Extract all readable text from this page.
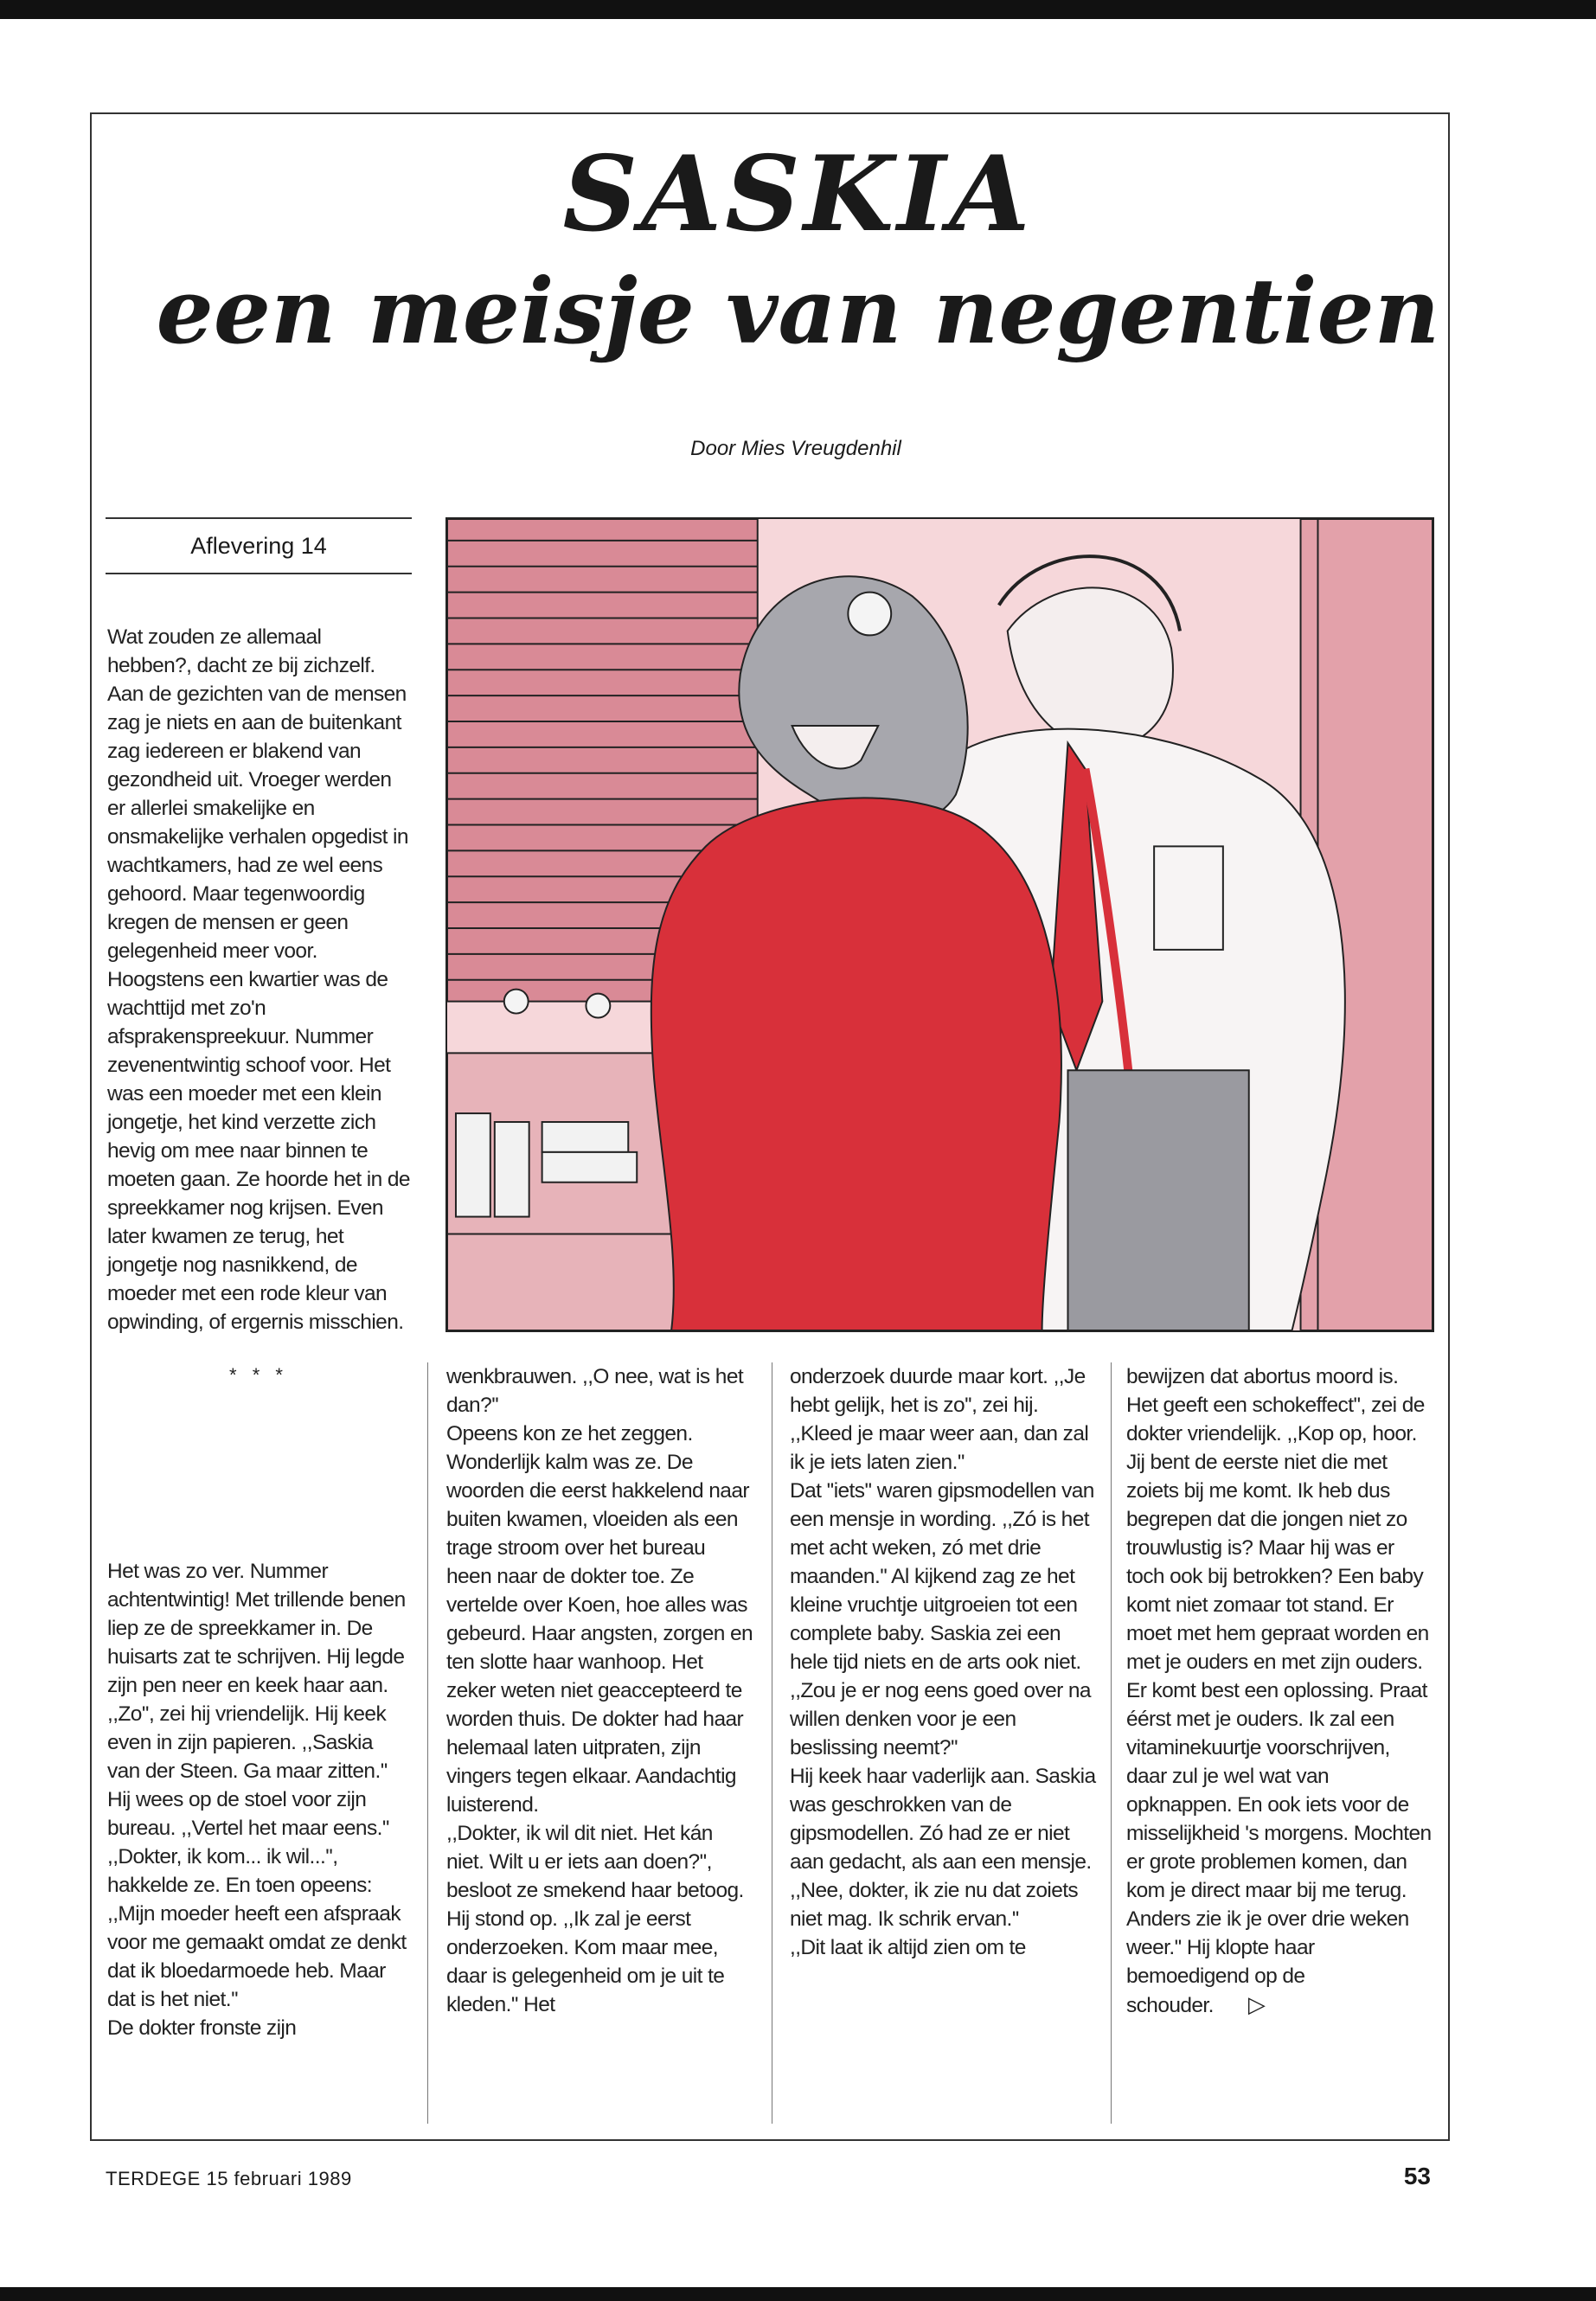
SASKIA
een meisje van negentien
Door Mies Vreugdenhil
Aflevering 14

Wat zouden ze allemaal hebben?, dacht ze bij zichzelf. Aan de gezichten van de mensen zag je niets en aan de buitenkant zag iedereen er blakend van gezondheid uit. Vroeger werden er allerlei smakelijke en onsmakelijke verhalen opgedist in wachtkamers, had ze wel eens gehoord. Maar tegenwoordig kregen de mensen er geen gelegenheid meer voor. Hoogstens een kwartier was de wachttijd met zo'n afsprakenspreekuur. Nummer zevenentwintig schoof voor. Het was een moeder met een klein jongetje, het kind verzette zich hevig om mee naar binnen te moeten gaan. Ze hoorde het in de spreekkamer nog krijsen. Even later kwamen ze terug, het jongetje nog nasnikkend, de moeder met een rode kleur van opwinding, of ergernis misschien.

* * *

Het was zo ver. Nummer achtentwintig! Met trillende benen liep ze de spreekkamer in. De huisarts zat te schrijven. Hij legde zijn pen neer en keek haar aan.

,,Zo'', zei hij vriendelijk. Hij keek even in zijn papieren. ,,Saskia van der Steen. Ga maar zitten.'' Hij wees op de stoel voor zijn bureau. ,,Vertel het maar eens.''

,,Dokter, ik kom... ik wil...'', hakkelde ze. En toen opeens: ,,Mijn moeder heeft een afspraak voor me gemaakt omdat ze denkt dat ik bloedarmoede heb. Maar dat is het niet.''

De dokter fronste zijn

wenkbrauwen. ,,O nee, wat is het dan?''

Opeens kon ze het zeggen. Wonderlijk kalm was ze. De woorden die eerst hakkelend naar buiten kwamen, vloeiden als een trage stroom over het bureau heen naar de dokter toe. Ze vertelde over Koen, hoe alles was gebeurd. Haar angsten, zorgen en ten slotte haar wanhoop. Het zeker weten niet geaccepteerd te worden thuis. De dokter had haar helemaal laten uitpraten, zijn vingers tegen elkaar. Aandachtig luisterend.

,,Dokter, ik wil dit niet. Het kán niet. Wilt u er iets aan doen?'', besloot ze smekend haar betoog.

Hij stond op. ,,Ik zal je eerst onderzoeken. Kom maar mee, daar is gelegenheid om je uit te kleden.'' Het

onderzoek duurde maar kort. ,,Je hebt gelijk, het is zo'', zei hij. ,,Kleed je maar weer aan, dan zal ik je iets laten zien.''

Dat ''iets'' waren gipsmodellen van een mensje in wording. ,,Zó is het met acht weken, zó met drie maanden.'' Al kijkend zag ze het kleine vruchtje uitgroeien tot een complete baby. Saskia zei een hele tijd niets en de arts ook niet.

,,Zou je er nog eens goed over na willen denken voor je een beslissing neemt?''

Hij keek haar vaderlijk aan. Saskia was geschrokken van de gipsmodellen. Zó had ze er niet aan gedacht, als aan een mensje.

,,Nee, dokter, ik zie nu dat zoiets niet mag. Ik schrik ervan.''

,,Dit laat ik altijd zien om te

bewijzen dat abortus moord is. Het geeft een schokeffect'', zei de dokter vriendelijk. ,,Kop op, hoor. Jij bent de eerste niet die met zoiets bij me komt. Ik heb dus begrepen dat die jongen niet zo trouwlustig is? Maar hij was er toch ook bij betrokken? Een baby komt niet zomaar tot stand. Er moet met hem gepraat worden en met je ouders en met zijn ouders. Er komt best een oplossing. Praat éérst met je ouders. Ik zal een vitaminekuurtje voorschrijven, daar zul je wel wat van opknappen. En ook iets voor de misselijkheid 's morgens. Mochten er grote problemen komen, dan kom je direct maar bij me terug. Anders zie ik je over drie weken weer.'' Hij klopte haar bemoedigend op de schouder. ▷

TERDEGE 15 februari 1989	53
